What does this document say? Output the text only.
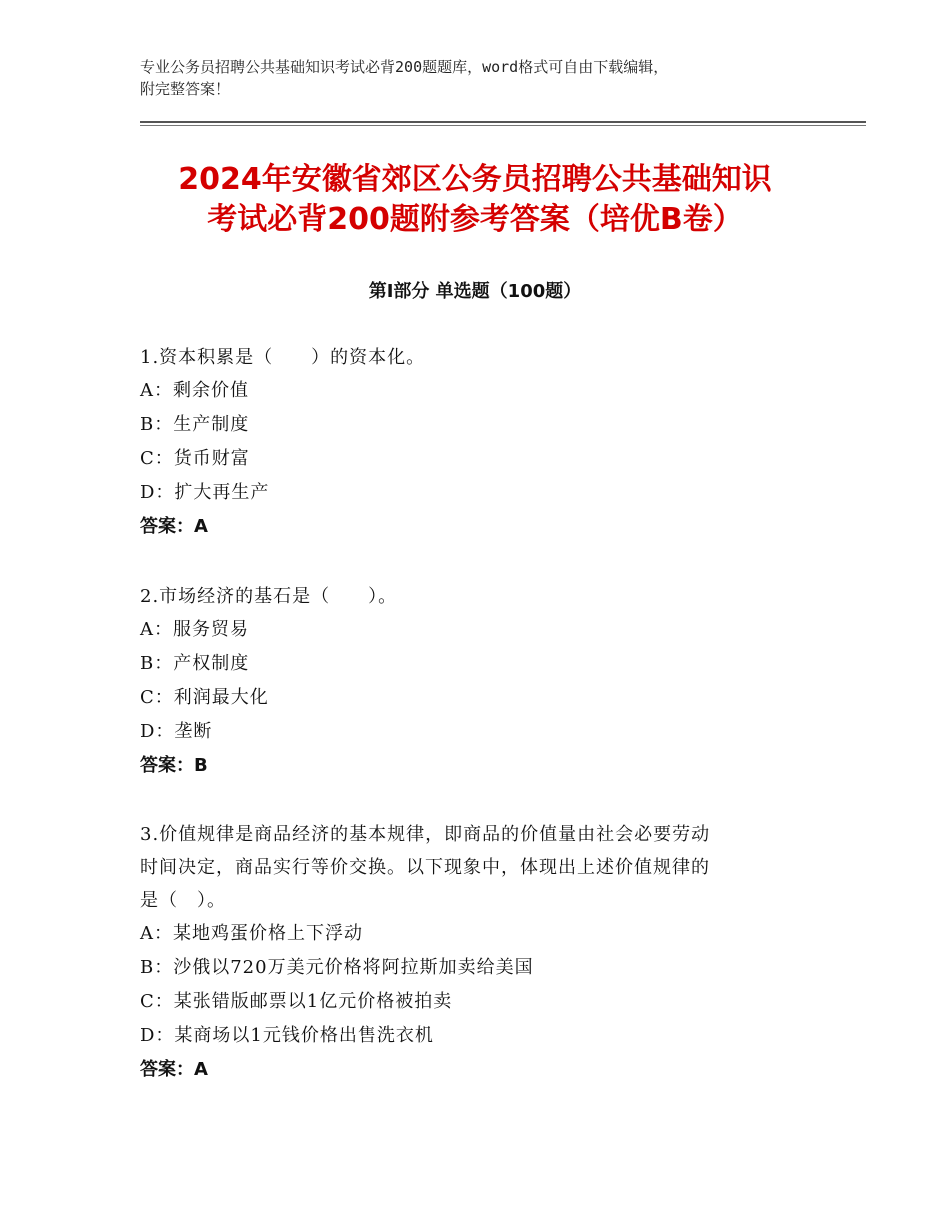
专业公务员招聘公共基础知识考试必背200题题库，word格式可自由下载编辑，
附完整答案！
2024年安徽省郊区公务员招聘公共基础知识
考试必背200题附参考答案（培优B卷）
第Ⅰ部分 单选题（100题）
1.资本积累是（　　）的资本化。
A：剩余价值
B：生产制度
C：货币财富
D：扩大再生产
答案：A
2.市场经济的基石是（　　）。
A：服务贸易
B：产权制度
C：利润最大化
D：垄断
答案：B
3.价值规律是商品经济的基本规律，即商品的价值量由社会必要劳动
时间决定，商品实行等价交换。以下现象中，体现出上述价值规律的
是（　）。
A：某地鸡蛋价格上下浮动
B：沙俄以720万美元价格将阿拉斯加卖给美国
C：某张错版邮票以1亿元价格被拍卖
D：某商场以1元钱价格出售洗衣机
答案：A
